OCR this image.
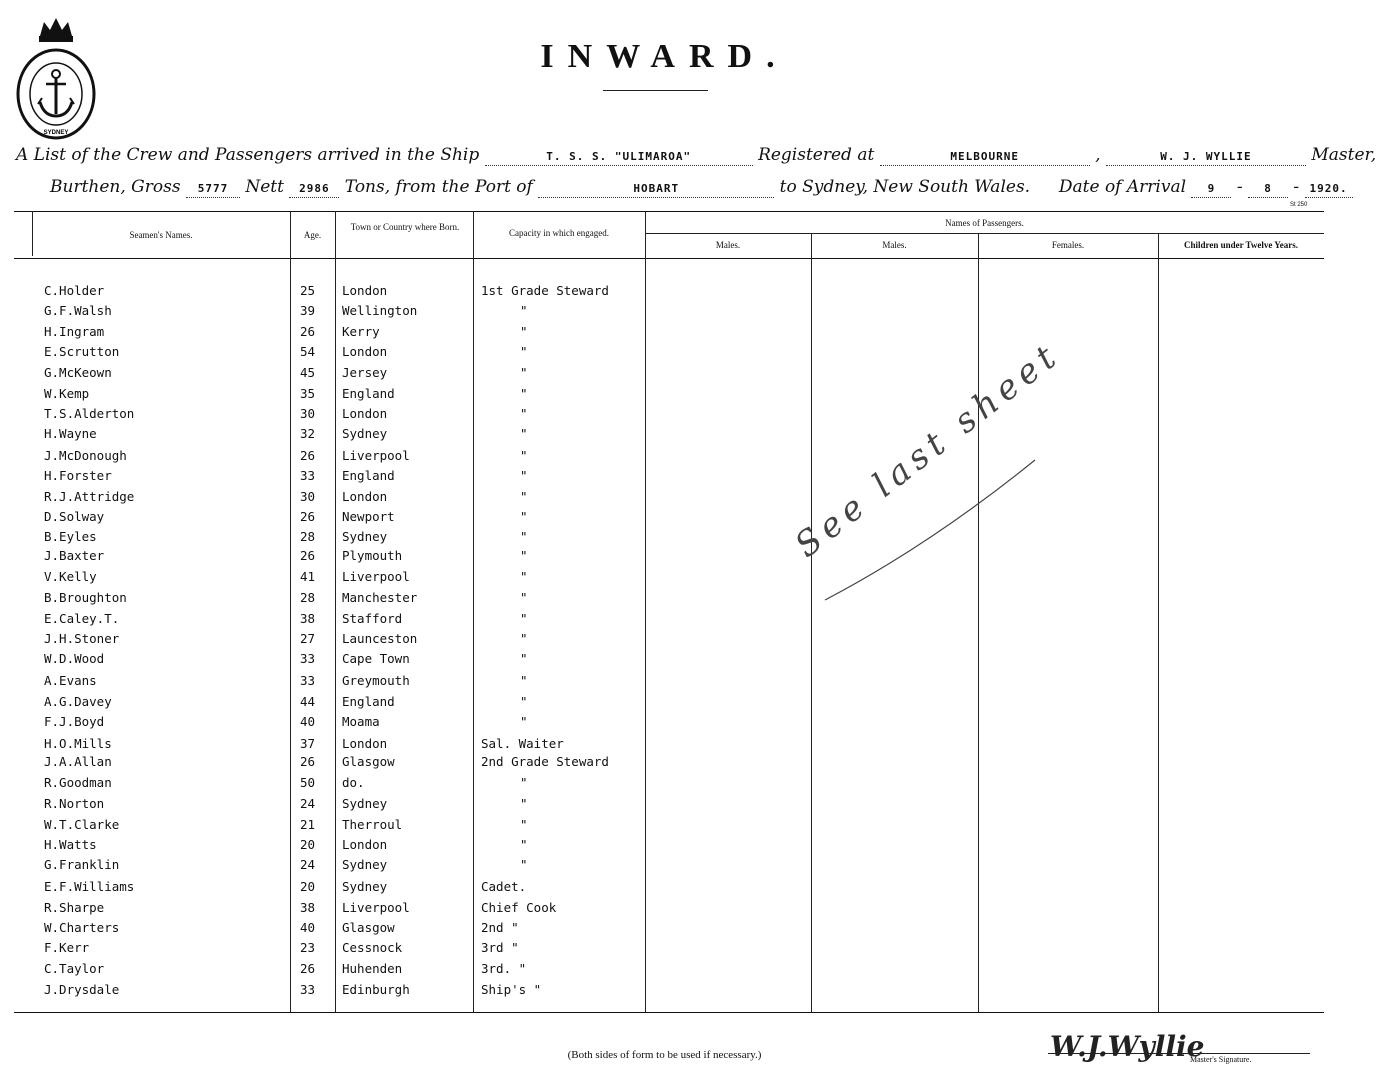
SYDNEY
INWARD.
A List of the Crew and Passengers arrived in the Ship	T. S. S. "ULIMAROA"	Registered at	MELBOURNE	,	W. J. WYLLIE	Master,
Burthen, Gross 5777 Nett 2986 Tons, from the Port of	HOBART	to Sydney, New South Wales. Date of Arrival 9 - 8 - 1920.
St 250
Seamen's Names.	Age.
Town or Country where Born.
Capacity in which engaged.
Names of Passengers.
Males.	Males.	Females.	Children under Twelve Years.
C.Holder	25 London	1st Grade Steward
G.F.Walsh	39 Wellington	"
H.Ingram	26 Kerry	"
E.Scrutton	54 London	"
G.McKeown	45 Jersey	"
W.Kemp	35 England	"
T.S.Alderton	30 London	"
H.Wayne	32 Sydney	"
J.McDonough	26 Liverpool	"
H.Forster	33 England	"
R.J.Attridge	30 London	"
D.Solway	26 Newport	"
B.Eyles	28 Sydney	"
J.Baxter	26 Plymouth	"
V.Kelly	41 Liverpool	"
B.Broughton	28 Manchester	"
E.Caley.T.	38 Stafford	"
J.H.Stoner	27 Launceston	"
W.D.Wood	33 Cape Town	"
A.Evans	33 Greymouth	"
A.G.Davey	44 England	"
F.J.Boyd	40 Moama	"
H.O.Mills	37 London	Sal. Waiter
J.A.Allan	26 Glasgow	2nd Grade Steward
R.Goodman	50 do.	"
R.Norton	24 Sydney	"
W.T.Clarke	21 Therroul	"
H.Watts	20 London	"
G.Franklin	24 Sydney	"
E.F.Williams	20 Sydney	Cadet.
R.Sharpe	38 Liverpool	Chief Cook
W.Charters	40 Glasgow	2nd "
F.Kerr	23 Cessnock	3rd "
C.Taylor	26 Huhenden	3rd. "
J.Drysdale	33 Edinburgh	Ship's "
See last sheet
(Both sides of form to be used if necessary.)	W.J.Wyllie
Master's Signature.
